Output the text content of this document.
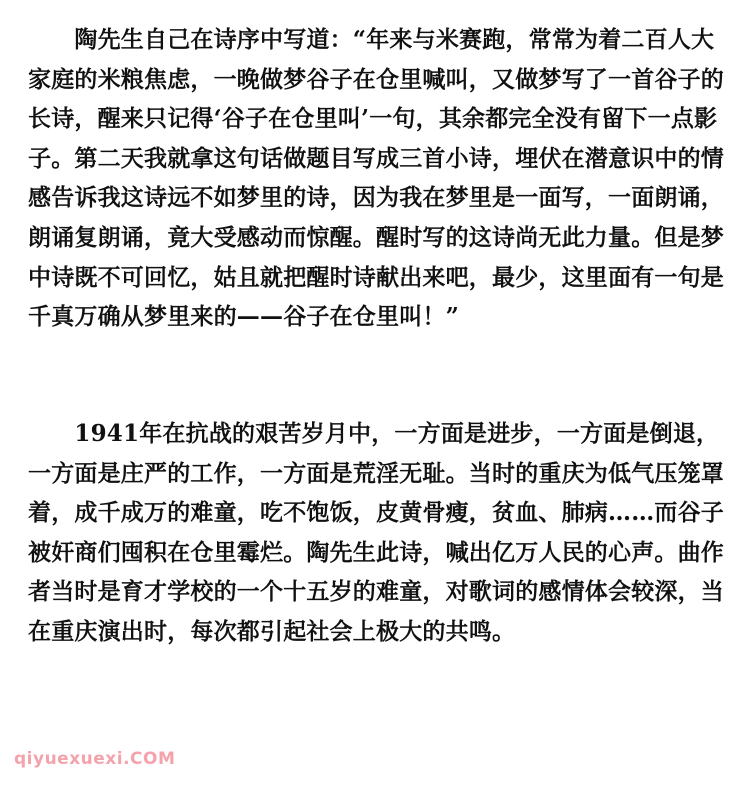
　　陶先生自己在诗序中写道：“年来与米赛跑，常常为着二百人大家庭的米粮焦虑，一晚做梦谷子在仓里喊叫，又做梦写了一首谷子的长诗，醒来只记得‘谷子在仓里叫’一句，其余都完全没有留下一点影子。第二天我就拿这句话做题目写成三首小诗，埋伏在潜意识中的情感告诉我这诗远不如梦里的诗，因为我在梦里是一面写，一面朗诵，朗诵复朗诵，竟大受感动而惊醒。醒时写的这诗尚无此力量。但是梦中诗既不可回忆，姑且就把醒时诗献出来吧，最少，这里面有一句是千真万确从梦里来的——谷子在仓里叫！”

　　1941年在抗战的艰苦岁月中，一方面是进步，一方面是倒退，一方面是庄严的工作，一方面是荒淫无耻。当时的重庆为低气压笼罩着，成千成万的难童，吃不饱饭，皮黄骨瘦，贫血、肺病……而谷子被奸商们囤积在仓里霉烂。陶先生此诗，喊出亿万人民的心声。曲作者当时是育才学校的一个十五岁的难童，对歌词的感情体会较深，当在重庆演出时，每次都引起社会上极大的共鸣。

qiyuexuexi.COM
